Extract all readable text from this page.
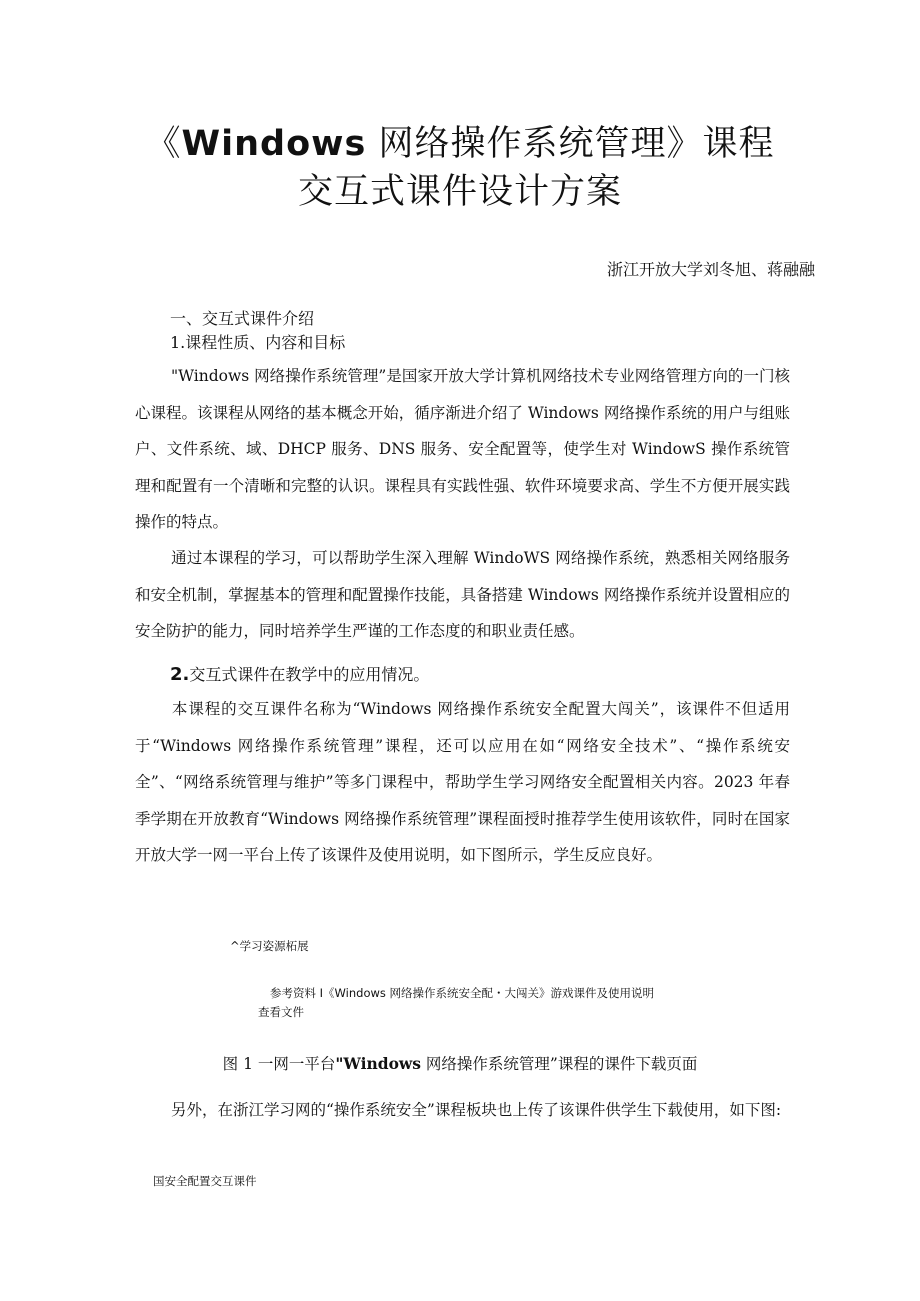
《Windows 网络操作系统管理》课程
交互式课件设计方案
浙江开放大学刘冬旭、蒋融融
一、交互式课件介绍
1.课程性质、内容和目标
"Windows 网络操作系统管理”是国家开放大学计算机网络技术专业网络管理方向的一门核心课程。该课程从网络的基本概念开始，循序渐进介绍了 Windows 网络操作系统的用户与组账户、文件系统、域、DHCP 服务、DNS 服务、安全配置等，使学生对 WindowS 操作系统管理和配置有一个清晰和完整的认识。课程具有实践性强、软件环境要求高、学生不方便开展实践操作的特点。
通过本课程的学习，可以帮助学生深入理解 WindoWS 网络操作系统，熟悉相关网络服务和安全机制，掌握基本的管理和配置操作技能，具备搭建 Windows 网络操作系统并设置相应的安全防护的能力，同时培养学生严谨的工作态度的和职业责任感。
2.交互式课件在教学中的应用情况。
本课程的交互课件名称为“Windows 网络操作系统安全配置大闯关”，该课件不但适用于“Windows 网络操作系统管理”课程，还可以应用在如“网络安全技术”、“操作系统安全”、“网络系统管理与维护”等多门课程中，帮助学生学习网络安全配置相关内容。2023 年春季学期在开放教育“Windows 网络操作系统管理”课程面授时推荐学生使用该软件，同时在国家开放大学一网一平台上传了该课件及使用说明，如下图所示，学生反应良好。
^学习姿源柘展
参考资料 I《Windows 网络操作系统安全配・大闯关》游戏课件及使用说明
查看文件
图 1 一网一平台"Windows 网络操作系统管理”课程的课件下载页面
另外，在浙江学习网的“操作系统安全”课程板块也上传了该课件供学生下载使用，如下图:
国安全配置交互课件
